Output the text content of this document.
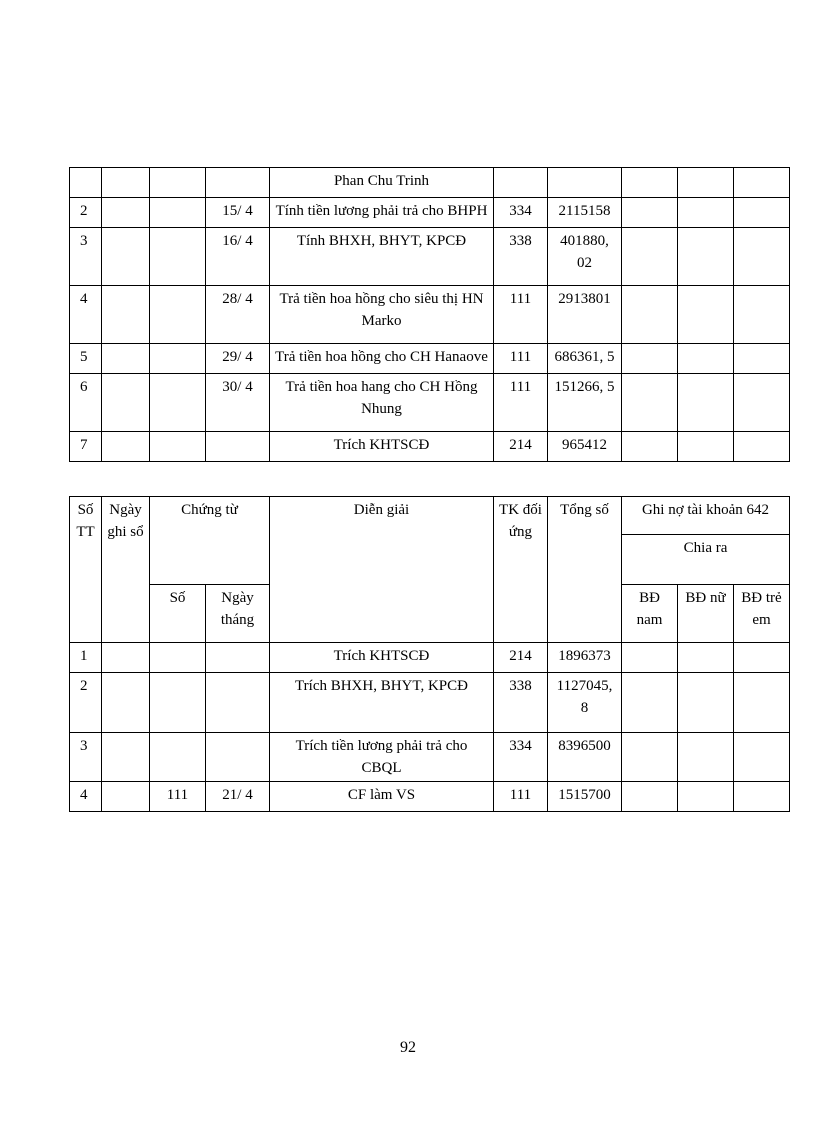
				Phan Chu Trinh					
2			15/ 4	Tính tiền lương phải trả cho BHPH	334	2115158			
3			16/ 4	Tính BHXH, BHYT, KPCĐ	338	401880, 02			
4			28/ 4	Trả tiền hoa hồng cho siêu thị HN Marko	111	2913801			
5			29/ 4	Trả tiền hoa hồng cho CH Hanaove	111	686361, 5			
6			30/ 4	Trả tiền hoa hang cho CH Hồng Nhung	111	151266, 5			
7				Trích KHTSCĐ	214	965412			
Số TT	Ngày ghi sổ	Chứng từ		Diễn giải	TK đối ứng	Tổng số	Ghi nợ tài khoản 642		
							Chia ra		
		Số	Ngày tháng				BĐ nam	BĐ nữ	BĐ trẻ em
1				Trích KHTSCĐ	214	1896373			
2				Trích BHXH, BHYT, KPCĐ	338	1127045, 8			
3				Trích tiền lương phải trả cho CBQL	334	8396500			
4		111	21/ 4	CF làm VS	111	1515700			
92
